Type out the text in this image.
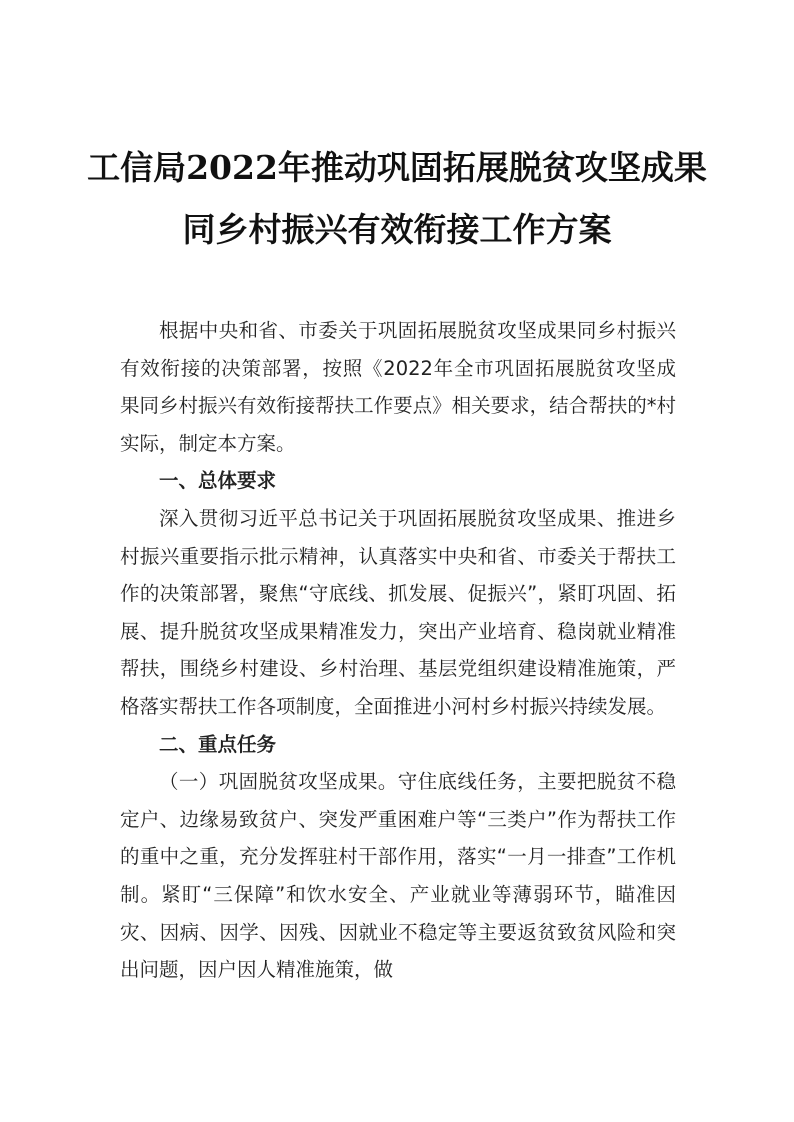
工信局2022年推动巩固拓展脱贫攻坚成果
同乡村振兴有效衔接工作方案

根据中央和省、市委关于巩固拓展脱贫攻坚成果同乡村振兴有效衔接的决策部署，按照《2022年全市巩固拓展脱贫攻坚成果同乡村振兴有效衔接帮扶工作要点》相关要求，结合帮扶的*村实际，制定本方案。

一、总体要求

深入贯彻习近平总书记关于巩固拓展脱贫攻坚成果、推进乡村振兴重要指示批示精神，认真落实中央和省、市委关于帮扶工作的决策部署，聚焦“守底线、抓发展、促振兴”，紧盯巩固、拓展、提升脱贫攻坚成果精准发力，突出产业培育、稳岗就业精准帮扶，围绕乡村建设、乡村治理、基层党组织建设精准施策，严格落实帮扶工作各项制度，全面推进小河村乡村振兴持续发展。

二、重点任务

（一）巩固脱贫攻坚成果。守住底线任务，主要把脱贫不稳定户、边缘易致贫户、突发严重困难户等“三类户”作为帮扶工作的重中之重，充分发挥驻村干部作用，落实“一月一排查”工作机制。紧盯“三保障”和饮水安全、产业就业等薄弱环节，瞄准因灾、因病、因学、因残、因就业不稳定等主要返贫致贫风险和突出问题，因户因人精准施策，做
